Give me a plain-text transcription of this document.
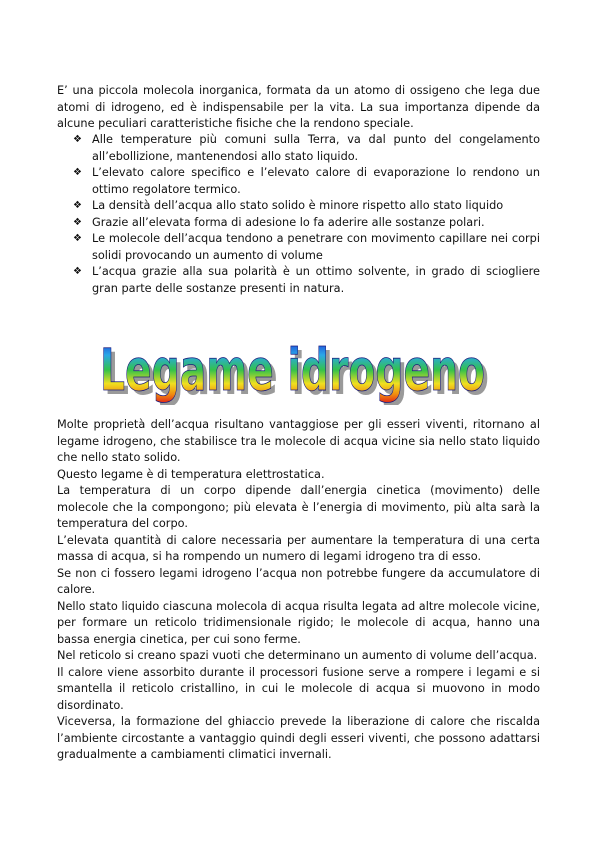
E’ una piccola molecola inorganica, formata da un atomo di ossigeno che lega due atomi di idrogeno, ed è indispensabile per la vita. La sua importanza dipende da alcune peculiari caratteristiche fisiche che la rendono speciale.

❖ Alle temperature più comuni sulla Terra, va dal punto del congelamento all’ebollizione, mantenendosi allo stato liquido.
❖ L’elevato calore specifico e l’elevato calore di evaporazione lo rendono un ottimo regolatore termico.
❖ La densità dell’acqua allo stato solido è minore rispetto allo stato liquido
❖ Grazie all’elevata forma di adesione lo fa aderire alle sostanze polari.
❖ Le molecole dell’acqua tendono a penetrare con movimento capillare nei corpi solidi provocando un aumento di volume
❖ L’acqua grazie alla sua polarità è un ottimo solvente, in grado di sciogliere gran parte delle sostanze presenti in natura.
Legame idrogeno
Legame idrogeno

Molte proprietà dell’acqua risultano vantaggiose per gli esseri viventi, ritornano al legame idrogeno, che stabilisce tra le molecole di acqua vicine sia nello stato liquido che nello stato solido.

Questo legame è di temperatura elettrostatica.

La temperatura di un corpo dipende dall’energia cinetica (movimento) delle molecole che la compongono; più elevata è l’energia di movimento, più alta sarà la temperatura del corpo.

L’elevata quantità di calore necessaria per aumentare la temperatura di una certa massa di acqua, si ha rompendo un numero di legami idrogeno tra di esso.

Se non ci fossero legami idrogeno l’acqua non potrebbe fungere da accumulatore di calore.

Nello stato liquido ciascuna molecola di acqua risulta legata ad altre molecole vicine, per formare un reticolo tridimensionale rigido; le molecole di acqua, hanno una bassa energia cinetica, per cui sono ferme.

Nel reticolo si creano spazi vuoti che determinano un aumento di volume dell’acqua.

Il calore viene assorbito durante il processori fusione serve a rompere i legami e si smantella il reticolo cristallino, in cui le molecole di acqua si muovono in modo disordinato.

Viceversa, la formazione del ghiaccio prevede la liberazione di calore che riscalda l’ambiente circostante a vantaggio quindi degli esseri viventi, che possono adattarsi gradualmente a cambiamenti climatici invernali.
